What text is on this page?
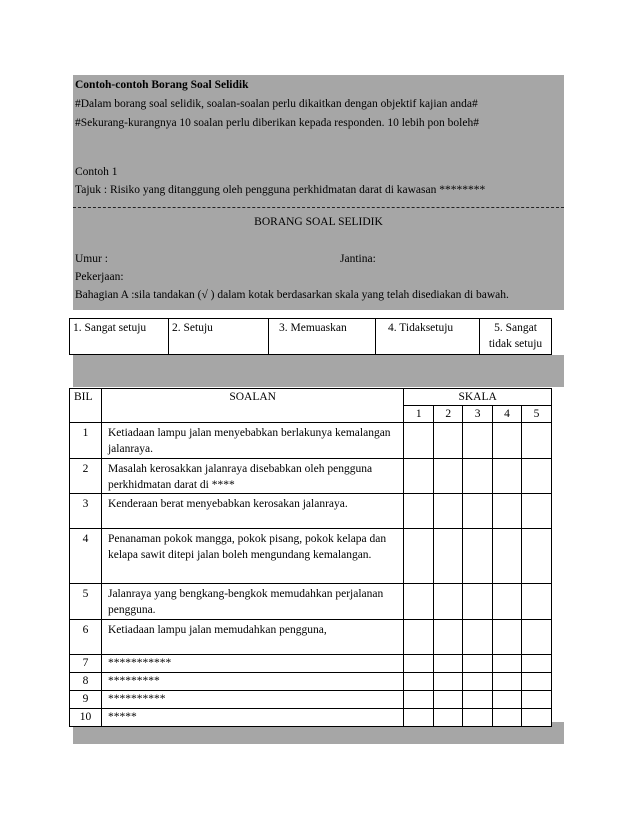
Contoh-contoh Borang Soal Selidik
#Dalam borang soal selidik, soalan-soalan perlu dikaitkan dengan objektif kajian anda#
#Sekurang-kurangnya 10 soalan perlu diberikan kepada responden. 10 lebih pon boleh#
Contoh 1
Tajuk : Risiko yang ditanggung oleh pengguna perkhidmatan darat di kawasan ********
BORANG SOAL SELIDIK
Umur :	Jantina:
Pekerjaan:
Bahagian A :sila tandakan (√ ) dalam kotak berdasarkan skala yang telah disediakan di bawah.
1. Sangat setuju	2. Setuju	3. Memuaskan	4. Tidaksetuju	5. Sangat tidak setuju
BIL	SOALAN	SKALA				
		1	2	3	4	5
1	Ketiadaan lampu jalan menyebabkan berlakunya kemalangan jalanraya.					
2	Masalah kerosakkan jalanraya disebabkan oleh pengguna perkhidmatan darat di ****					
3	Kenderaan berat menyebabkan kerosakan jalanraya.					
4	Penanaman pokok mangga, pokok pisang, pokok kelapa dan kelapa sawit ditepi jalan boleh mengundang kemalangan.					
5	Jalanraya yang bengkang-bengkok memudahkan perjalanan pengguna.					
6	Ketiadaan lampu jalan memudahkan pengguna,					
7	***********					
8	*********					
9	**********					
10	*****					
